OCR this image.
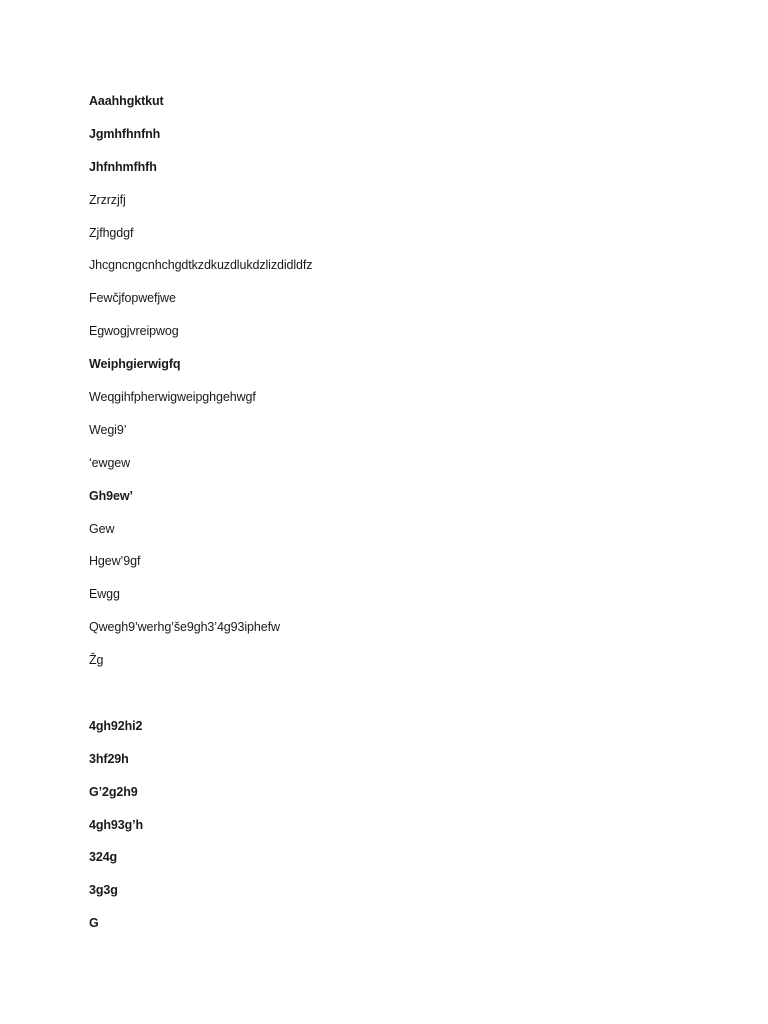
Aaahhgktkut
Jgmhfhnfnh
Jhfnhmfhfh
Zrzrzjfj
Zjfhgdgf
Jhcgncngcnhchgdtkzdkuzdlukdzlizdidldfz
Fewčjfopwefjwe
Egwogjvreipwog
Weiphgierwigfq
Weqgihfpherwigweipghgehwgf
Wegi9’
‘ewgew
Gh9ew’
Gew
Hgew’9gf
Ewgg
Qwegh9’werhg’še9gh3’4g93iphefw
Žg
4gh92hi2
3hf29h
G’2g2h9
4gh93g’h
324g
3g3g
G
